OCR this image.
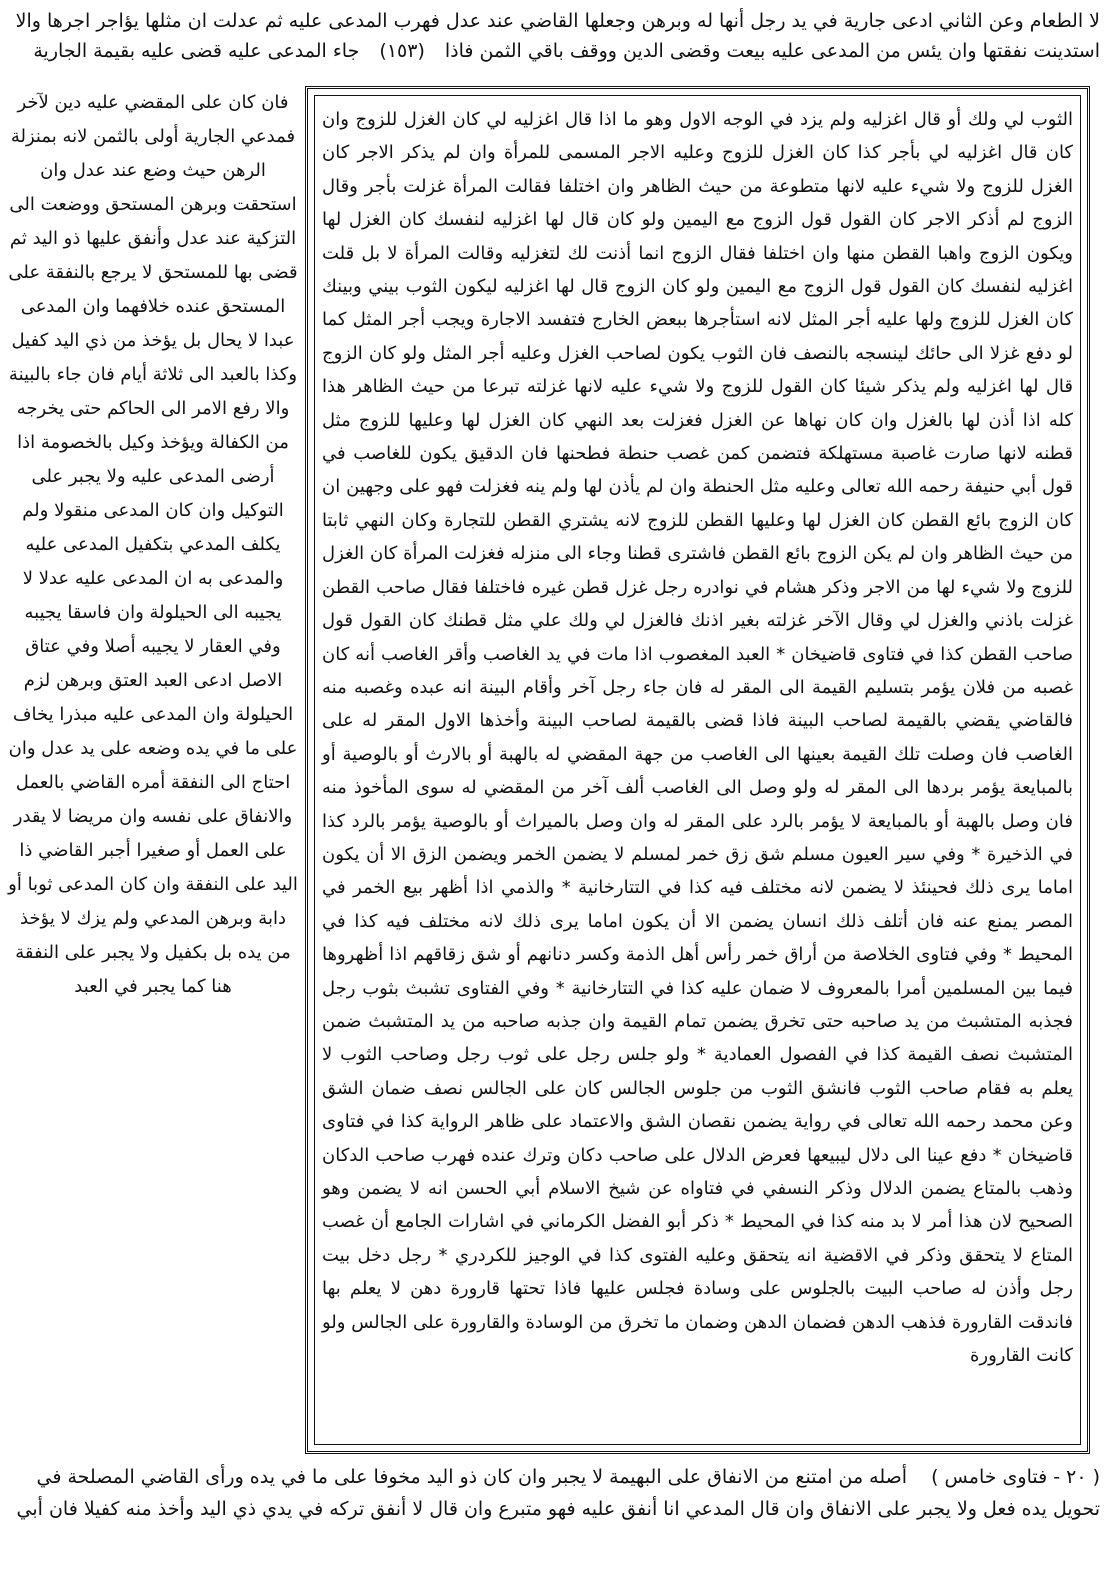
لا الطعام وعن الثاني ادعى جارية في يد رجل أنها له وبرهن وجعلها القاضي عند عدل فهرب المدعى عليه ثم عدلت ان مثلها يؤاجر اجرها والا
استدينت نفقتها وان يئس من المدعى عليه بيعت وقضى الدين ووقف باقي الثمن فاذا (١٥٣) جاء المدعى عليه قضى عليه بقيمة الجارية

فان كان على المقضي عليه دين لآخر فمدعي الجارية أولى بالثمن لانه بمنزلة الرهن حيث وضع عند عدل وان استحقت وبرهن المستحق ووضعت الى التزكية عند عدل وأنفق عليها ذو اليد ثم قضى بها للمستحق لا يرجع بالنفقة على المستحق عنده خلافهما وان المدعى عبدا لا يحال بل يؤخذ من ذي اليد كفيل وكذا بالعبد الى ثلاثة أيام فان جاء بالبينة والا رفع الامر الى الحاكم حتى يخرجه من الكفالة ويؤخذ وكيل بالخصومة اذا أرضى المدعى عليه ولا يجبر على التوكيل وان كان المدعى منقولا ولم يكلف المدعي بتكفيل المدعى عليه والمدعى به ان المدعى عليه عدلا لا يجيبه الى الحيلولة وان فاسقا يجيبه وفي العقار لا يجيبه أصلا وفي عتاق الاصل ادعى العبد العتق وبرهن لزم الحيلولة وان المدعى عليه مبذرا يخاف على ما في يده وضعه على يد عدل وان احتاج الى النفقة أمره القاضي بالعمل والانفاق على نفسه وان مريضا لا يقدر على العمل أو صغيرا أجبر القاضي ذا اليد على النفقة وان كان المدعى ثوبا أو دابة وبرهن المدعي ولم يزك لا يؤخذ من يده بل بكفيل ولا يجبر على النفقة هنا كما يجبر في العبد

الثوب لي ولك أو قال اغزليه ولم يزد في الوجه الاول وهو ما اذا قال اغزليه لي كان الغزل للزوج وان كان قال اغزليه لي بأجر كذا كان الغزل للزوج وعليه الاجر المسمى للمرأة وان لم يذكر الاجر كان الغزل للزوج ولا شيء عليه لانها متطوعة من حيث الظاهر وان اختلفا فقالت المرأة غزلت بأجر وقال الزوج لم أذكر الاجر كان القول قول الزوج مع اليمين ولو كان قال لها اغزليه لنفسك كان الغزل لها ويكون الزوج واهبا القطن منها وان اختلفا فقال الزوج انما أذنت لك لتغزليه وقالت المرأة لا بل قلت اغزليه لنفسك كان القول قول الزوج مع اليمين ولو كان الزوج قال لها اغزليه ليكون الثوب بيني وبينك كان الغزل للزوج ولها عليه أجر المثل لانه استأجرها ببعض الخارج فتفسد الاجارة ويجب أجر المثل كما لو دفع غزلا الى حائك لينسجه بالنصف فان الثوب يكون لصاحب الغزل وعليه أجر المثل ولو كان الزوج قال لها اغزليه ولم يذكر شيئا كان القول للزوج ولا شيء عليه لانها غزلته تبرعا من حيث الظاهر هذا كله اذا أذن لها بالغزل وان كان نهاها عن الغزل فغزلت بعد النهي كان الغزل لها وعليها للزوج مثل قطنه لانها صارت غاصبة مستهلكة فتضمن كمن غصب حنطة فطحنها فان الدقيق يكون للغاصب في قول أبي حنيفة رحمه الله تعالى وعليه مثل الحنطة وان لم يأذن لها ولم ينه فغزلت فهو على وجهين ان كان الزوج بائع القطن كان الغزل لها وعليها القطن للزوج لانه يشتري القطن للتجارة وكان النهي ثابتا من حيث الظاهر وان لم يكن الزوج بائع القطن فاشترى قطنا وجاء الى منزله فغزلت المرأة كان الغزل للزوج ولا شيء لها من الاجر وذكر هشام في نوادره رجل غزل قطن غيره فاختلفا فقال صاحب القطن غزلت باذني والغزل لي وقال الآخر غزلته بغير اذنك فالغزل لي ولك علي مثل قطنك كان القول قول صاحب القطن كذا في فتاوى قاضيخان * العبد المغصوب اذا مات في يد الغاصب وأقر الغاصب أنه كان غصبه من فلان يؤمر بتسليم القيمة الى المقر له فان جاء رجل آخر وأقام البينة انه عبده وغصبه منه فالقاضي يقضي بالقيمة لصاحب البينة فاذا قضى بالقيمة لصاحب البينة وأخذها الاول المقر له على الغاصب فان وصلت تلك القيمة بعينها الى الغاصب من جهة المقضي له بالهبة أو بالارث أو بالوصية أو بالمبايعة يؤمر بردها الى المقر له ولو وصل الى الغاصب ألف آخر من المقضي له سوى المأخوذ منه فان وصل بالهبة أو بالمبايعة لا يؤمر بالرد على المقر له وان وصل بالميراث أو بالوصية يؤمر بالرد كذا في الذخيرة * وفي سير العيون مسلم شق زق خمر لمسلم لا يضمن الخمر ويضمن الزق الا أن يكون اماما يرى ذلك فحينئذ لا يضمن لانه مختلف فيه كذا في التتارخانية * والذمي اذا أظهر بيع الخمر في المصر يمنع عنه فان أتلف ذلك انسان يضمن الا أن يكون اماما يرى ذلك لانه مختلف فيه كذا في المحيط * وفي فتاوى الخلاصة من أراق خمر رأس أهل الذمة وكسر دنانهم أو شق زقاقهم اذا أظهروها فيما بين المسلمين أمرا بالمعروف لا ضمان عليه كذا في التتارخانية * وفي الفتاوى تشبث بثوب رجل فجذبه المتشبث من يد صاحبه حتى تخرق يضمن تمام القيمة وان جذبه صاحبه من يد المتشبث ضمن المتشبث نصف القيمة كذا في الفصول العمادية * ولو جلس رجل على ثوب رجل وصاحب الثوب لا يعلم به فقام صاحب الثوب فانشق الثوب من جلوس الجالس كان على الجالس نصف ضمان الشق وعن محمد رحمه الله تعالى في رواية يضمن نقصان الشق والاعتماد على ظاهر الرواية كذا في فتاوى قاضيخان * دفع عينا الى دلال ليبيعها فعرض الدلال على صاحب دكان وترك عنده فهرب صاحب الدكان وذهب بالمتاع يضمن الدلال وذكر النسفي في فتاواه عن شيخ الاسلام أبي الحسن انه لا يضمن وهو الصحيح لان هذا أمر لا بد منه كذا في المحيط * ذكر أبو الفضل الكرماني في اشارات الجامع أن غصب المتاع لا يتحقق وذكر في الاقضية انه يتحقق وعليه الفتوى كذا في الوجيز للكردري * رجل دخل بيت رجل وأذن له صاحب البيت بالجلوس على وسادة فجلس عليها فاذا تحتها قارورة دهن لا يعلم بها فاندقت القارورة فذهب الدهن فضمان الدهن وضمان ما تخرق من الوسادة والقارورة على الجالس ولو كانت القارورة

( ٢٠ - فتاوى خامس ) أصله من امتنع من الانفاق على البهيمة لا يجبر وان كان ذو اليد مخوفا على ما في يده ورأى القاضي المصلحة في
تحويل يده فعل ولا يجبر على الانفاق وان قال المدعي انا أنفق عليه فهو متبرع وان قال لا أنفق تركه في يدي ذي اليد وأخذ منه كفيلا فان أبي
